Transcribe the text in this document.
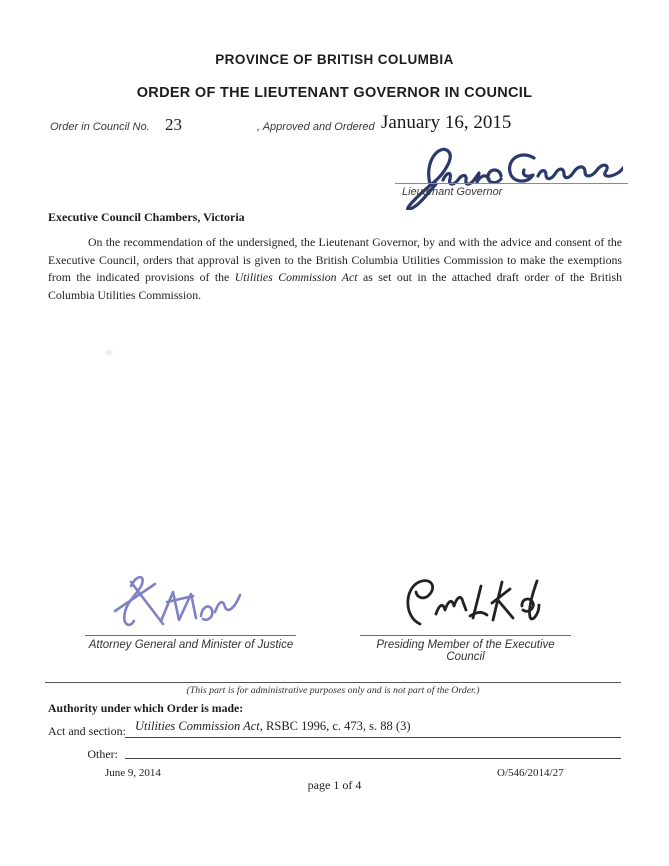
PROVINCE OF BRITISH COLUMBIA
ORDER OF THE LIEUTENANT GOVERNOR IN COUNCIL
Order in Council No. 23	, Approved and Ordered January 16, 2015
Lieutenant Governor
Executive Council Chambers, Victoria
On the recommendation of the undersigned, the Lieutenant Governor, by and with the advice and consent of the Executive Council, orders that approval is given to the British Columbia Utilities Commission to make the exemptions from the indicated provisions of the Utilities Commission Act as set out in the attached draft order of the British Columbia Utilities Commission.
Attorney General and Minister of Justice	Presiding Member of the Executive Council
(This part is for administrative purposes only and is not part of the Order.)
Authority under which Order is made:
Act and section: Utilities Commission Act, RSBC 1996, c. 473, s. 88 (3)
Other:
June 9, 2014	O/546/2014/27
page 1 of 4
